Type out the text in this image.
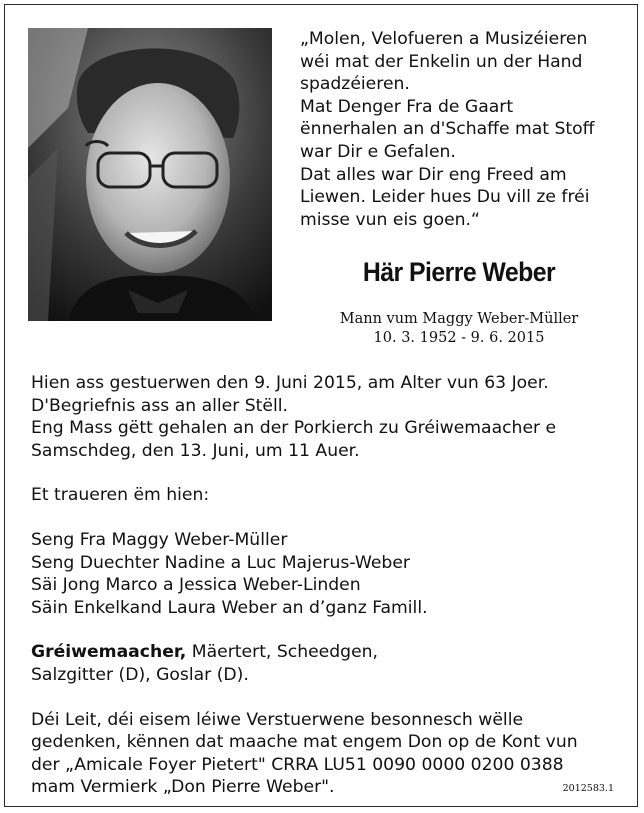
„Molen, Velofueren a Musizéieren
wéi mat der Enkelin un der Hand
spadzéieren.
Mat Denger Fra de Gaart
ënnerhalen an d'Schaffe mat Stoff
war Dir e Gefalen.
Dat alles war Dir eng Freed am
Liewen. Leider hues Du vill ze fréi
misse vun eis goen.“
Här Pierre Weber
Mann vum Maggy Weber-Müller
10. 3. 1952 - 9. 6. 2015
Hien ass gestuerwen den 9. Juni 2015, am Alter vun 63 Joer.
D'Begriefnis ass an aller Stëll.
Eng Mass gëtt gehalen an der Porkierch zu Gréiwemaacher e
Samschdeg, den 13. Juni, um 11 Auer.
Et traueren ëm hien:
Seng Fra Maggy Weber-Müller
Seng Duechter Nadine a Luc Majerus-Weber
Säi Jong Marco a Jessica Weber-Linden
Säin Enkelkand Laura Weber an d’ganz Famill.
Gréiwemaacher, Mäertert, Scheedgen,
Salzgitter (D), Goslar (D).
Déi Leit, déi eisem léiwe Verstuerwene besonnesch wëlle
gedenken, kënnen dat maache mat engem Don op de Kont vun
der „Amicale Foyer Pietert" CRRA LU51 0090 0000 0200 0388
mam Vermierk „Don Pierre Weber".	2012583.1
